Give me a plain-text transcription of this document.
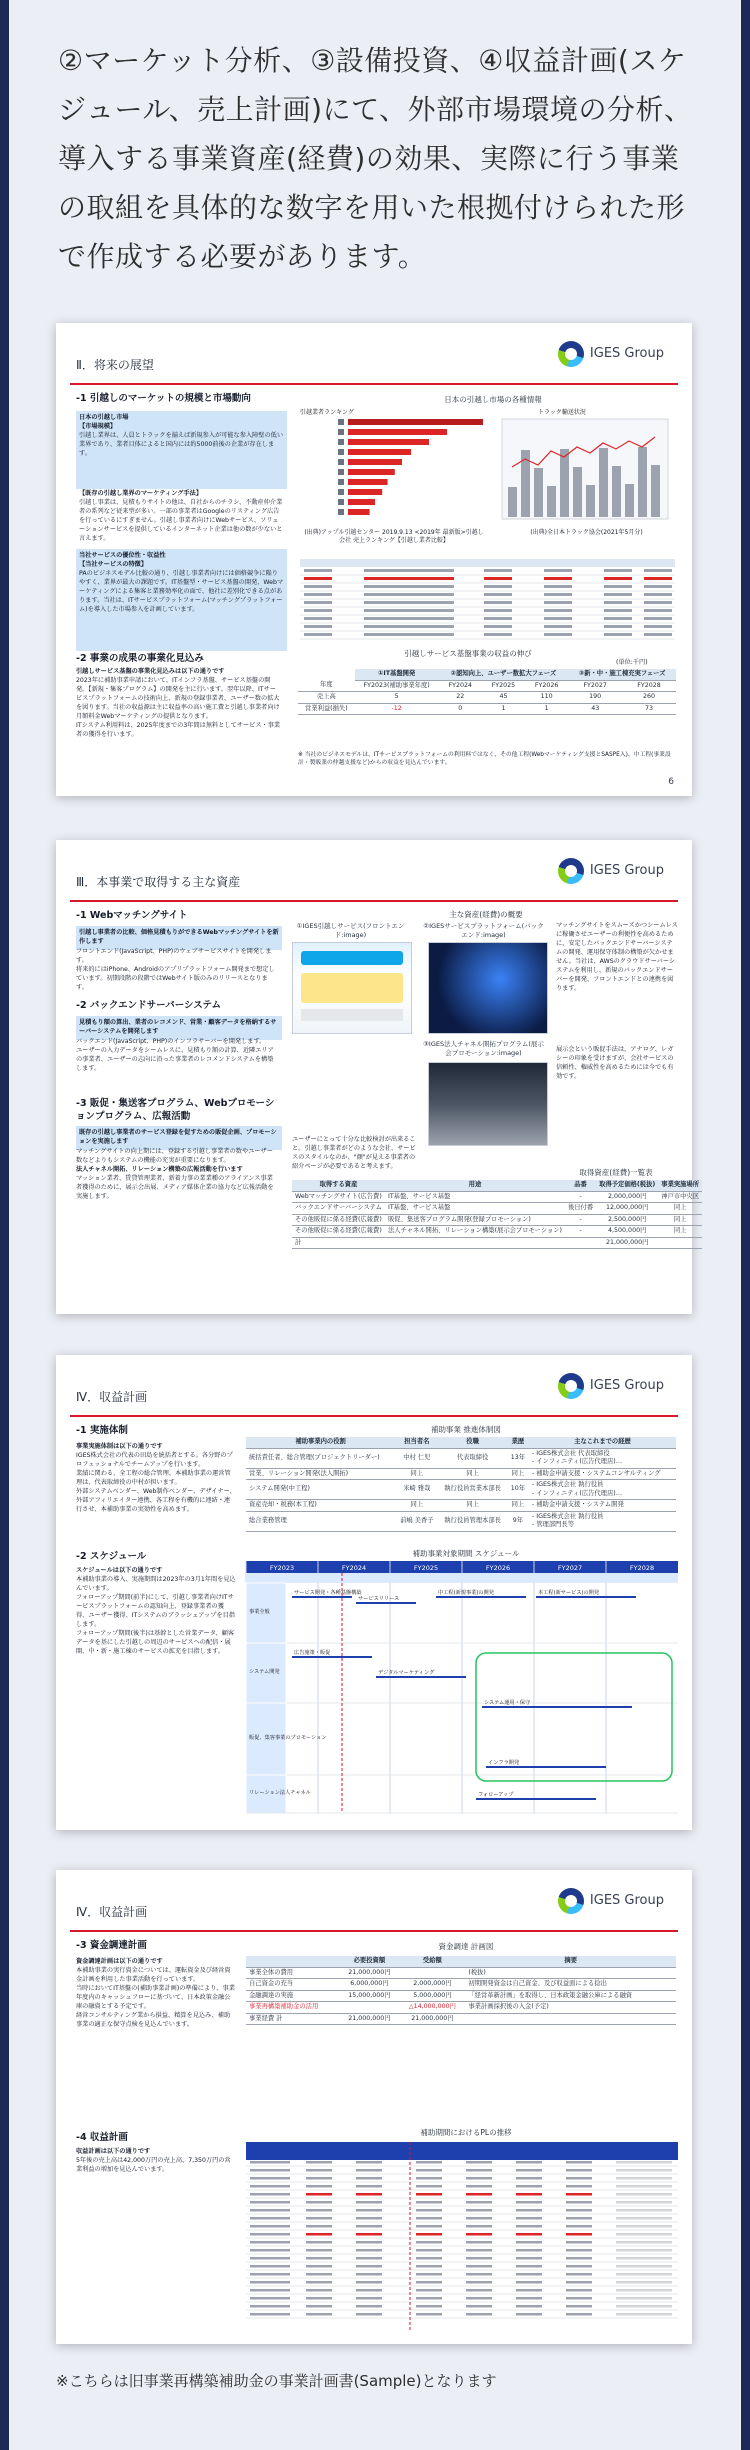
②マーケット分析、③設備投資、④収益計画(スケジュール、売上計画)にて、外部市場環境の分析、導入する事業資産(経費)の効果、実際に行う事業の取組を具体的な数字を用いた根拠付けられた形で作成する必要があります。
IGES Group
Ⅱ．将来の展望
-1 引越しのマーケットの規模と市場動向
日本の引越し市場
【市場規模】
引越し業界は、人員とトラックを揃えば新規参入が可能な参入障壁の低い業界であり、業者目体によると国内には約5000前後の企業が存在します。
【既存の引越し業界のマーケティング手法】
引越し事業は、見積もりサイトの他は、自社からのチラシ、不動産仲介業者の系列など従来型が多い。一部の事業者はGoogleのリスティング広告を行っているにすぎません。引越し事業者向けにWebサービス、ソリューションサービスを提供しているインターネット企業は他の数が少ないと言えます。
当社サービスの優位性・収益性
【当社サービスの特徴】
PAのビジネスモデル比較の通り、引越し事業者向けには価格競争に陥りやすく、業界が最大の課題です。IT基盤型・サービス基盤の開発、Webマーケティングによる集客と業務効率化の面で、他社に差別化できる点があります。当社は、ITサービスプラットフォーム(マッチングプラットフォーム)を導入した市場参入を計画しています。
-2 事業の成果の事業化見込み
引越しサービス基盤の事業化見込みは以下の通りです
2023年に補助事業申請において、ITインフラ基盤、サービス基盤の開発。【新規・集客プログラム】の開発を主に行います。翌年以降、ITサービスプラットフォームの技術向上、新規の登録事業者、ユーザー数の拡大を図ります。当社の収益源は主に収益率の高い施工費と引越し事業者向け月額料金Webマーケティングの提供となります。
ITシステム利用料は、2025年度までの3年間は無料としてサービス・事業者の獲得を行います。
日本の引越し市場の各種情報
引越業者ランキング	トラック輸送状況
(出典)アップル引越センター 2019.9.13 <2019年 最新版>引越し会社 売上ランキング【引越し業者比較】
(出典)全日本トラック協会(2021年5月分)
引越しサービス基盤事業の収益の伸び
(単位:千円)
	①IT基盤開発	②認知向上、ユーザー数拡大フェーズ			③新・中・施工棟充実フェーズ	
年度	FY2023(補助事業年度)	FY2024	FY2025	FY2026	FY2027	FY2028
売上高	5	22	45	110	190	260
営業利益(損失)	-12	0	1	1	43	73
※ 当社のビジネスモデルは、ITサービスプラットフォームの利用料ではなく、その他工程(Webマーケティング支援とSASPE入)、中工程(事業設計・製販業の仲越支援など)からの収益を見込んでいます。
6
IGES Group
Ⅲ．本事業で取得する主な資産
-1 Webマッチングサイト
引越し事業者の比較、価格見積もりができるWebマッチングサイトを新作します
フロントエンド(JavaScript、PHP)のウェブサービスサイトを開発します。
将来的にはiPhone、Androidのアプリプラットフォーム開発まで想定しています。初期段階の段階ではWebサイト版のみのリリースとなります。
-2 バックエンドサーバーシステム
見積もり額の算出、業者のレコメンド、営業・顧客データを格納するサーバーシステムを開発します
バックエンド(JavaScript、PHP)のインフラサーバーを開発します。
ユーザーの入力データをシームレスに、見積もり額の計算、近隣エリアの事業者、ユーザーの志向に沿った事業者のレコメンドシステムを構築します。
-3 販促・集送客プログラム、Webプロモーションプログラム、広報活動
既存の引越し事業者のサービス登録を促すための販促企画、プロモーションを実施します
マッチングサイトの向上期には、登録する引越し事業者の数やユーザー数などよりもシステムの機能の充実が重要になります。
法人チャネル開拓、リレーション構築の広報活動を行います
マッション業者、賃貸管理業者、新着力事の業業種のアライアンス事業者獲得のために、展示会出展、メディア媒体企業の協力など広報活動を実施します。
主な資産(経費)の概要
①IGES引越しサービス(フロントエンド:image)
②IGESサービスプラットフォーム(バックエンド:image)
マッチングサイトをスムーズかつシームレスに稼働させユーザーの利便性を高めるために、安定したバックエンドサーバーシステムの開発、運用保守体制の構築が欠かせません。当社は、AWSのクラウドサーバーシステムを利用し、新規のバックエンドサーバーを開発、フロントエンドとの連携を図ります。
③IGES法人チャネル開拓プログラム(展示会プロモーション:image)	展示会という販促手法は、アナログ、レガシーの印象を受けますが、会社サービスの信頼性、権威性を高めるためには今でも有効です。
ユーザーにとって十分な比較検討が出来ること。引越し事業者がどのような会社、サービスのスタイルなのか、"顔"が見える事業者の紹介ページが必要であると考えます。
取得資産(経費)一覧表
取得する資産	用途	品番	取得予定価格(税抜)	事業実施場所
Webマッチングサイト(広告費)	IT基盤、サービス基盤	-	2,000,000円	神戸市中央区
バックエンドサーバーシステム	IT基盤、サービス基盤	後日付番	12,000,000円	同上
その他販促に係る経費(広報費)	販促、集送客プログラム開発(登録プロモーション)	-	2,500,000円	同上
その他販促に係る経費(広報費)	法人チャネル開拓、リレーション構築(展示会プロモーション)	-	4,500,000円	同上
計			21,000,000円	
IGES Group
Ⅳ．収益計画
-1 実施体制
事業実施体制は以下の通りです
IGES株式会社の代表の田島を統括者とする。各分野のプロフェッショナルでチームアップを行います。
業績に関わる、全工程の総合管理、本補助事業の運営管理は、代表取締役の中村が担います。
外部システムベンダー、Web制作ベンダー、デザイナー、外部アフィリエイター連携、各工程を有機的に連結・連行させ、本補助事業の実効性を高めます。
補助事業 推進体制図
補助事業内の役割	担当者名	役職	業歴	主なこれまでの経歴
統括責任者、総合管理(プロジェクトリーダー)	中村 仁児	代表取締役	13年	- IGES株式会社 代表取締役
- インフィニティ(広告代理店)…
営業、リレーション開発(法人開拓)	同上	同上	同上	- 補助金申請支援・システムコンサルティング
システム開発(中工程)	米崎 雅哉	執行役員営業本部長	10年	- IGES株式会社 執行役員
- インフィニティ(広告代理店)…
資産売却・税務(本工程)	同上	同上	同上	- 補助金申請支援・システム開発
総合業務管理	前嶋 美香子	執行役員管理本部長	9年	- IGES株式会社 執行役員
- 管理部門長等
-2 スケジュール
スケジュールは以下の通りです
本補助事業の導入、実施期間は2023年の3月1年間を見込んでいます。
フォローアップ期間(前半)にして、引越し事業者向けITサービスプラットフォームの認知向上、登録事業者の獲得、ユーザー獲得、ITシステムのブラッシュアップを目指します。
フォローアップ期間(後半)は基幹とした営業データ、顧客データを基にした引越しの周辺のサービスへの配信・展開、中・新・施工棟のサービスの拡充を目指します。
補助事業対象期間 スケジュール
FY2023	FY2024	FY2025	FY2026	FY2027	FY2028
事業全般
システム開発
販促、集客事業のプロモーション
リレーション法人チャネル
サービス開発・各種基盤構築
サービスリリース
中工程(新規事業)の開発	本工程(新サービス)の開発
広告施策・販促
デジタルマーケティング
システム運用・保守
インフラ開発
フォローアップ
IGES Group
Ⅳ．収益計画
-3 資金調達計画
資金調達計画は以下の通りです
本補助事業の実行資金については、運転資金及び経営資金計画を利用した事業活動を行っています。
当時においてIT基盤の(補助事業計画)の準備により、事業年度内のキャッシュフローに基づいて、日本政策金融公庫の融資とする予定です。
経営コンサルティング業から損益、精算を見込み、補助事業の適正な保守点検を見込んでいます。
資金調達 計画図
	必要投資額	受給額	摘要
事業全体の費用	21,000,000円		(税抜)
自己資金の充当	6,000,000円	2,000,000円	初期開発資金は自己資金、及び収益面による捻出
金融調達の実施	15,000,000円	5,000,000円	「経営革新計画」を取得し、日本政策金融公庫による融資
事業再構築補助金の活用		△14,000,000円	事業計画採択後の入金(予定)
事業経費 計	21,000,000円	21,000,000円	
-4 収益計画
収益計画は以下の通りです
5年後の売上高は42,000万円の売上高、7,350万円の営業利益の増加を見込んでいます。
補助期間におけるPLの推移
※こちらは旧事業再構築補助金の事業計画書(Sample)となります
